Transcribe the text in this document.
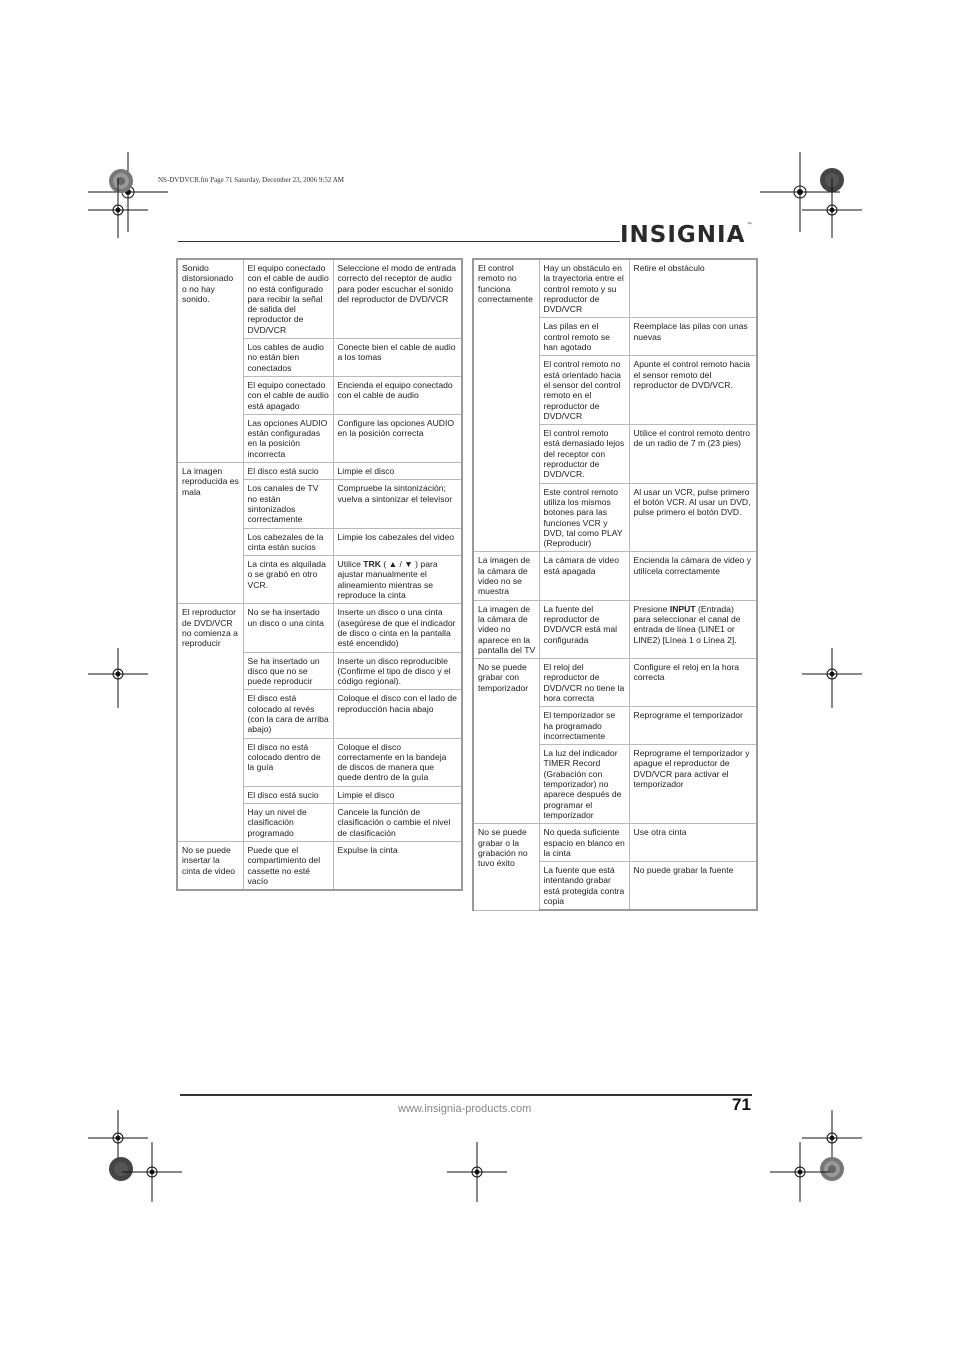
NS-DVDVCR.fm Page 71 Saturday, December 23, 2006 9:52 AM
INSIGNIA™
Sonido distorsionado o no hay sonido.	El equipo conectado con el cable de audio no está configurado para recibir la señal de salida del reproductor de DVD/VCR	Seleccione el modo de entrada correcto del receptor de audio para poder escuchar el sonido del reproductor de DVD/VCR
	Los cables de audio no están bien conectados	Conecte bien el cable de audio a los tomas
	El equipo conectado con el cable de audio está apagado	Encienda el equipo conectado con el cable de audio
	Las opciones AUDIO están configuradas en la posición incorrecta	Configure las opciones AUDIO en la posición correcta
La imagen reproducida es mala	El disco está sucio	Limpie el disco
	Los canales de TV no están sintonizados correctamente	Compruebe la sintonización; vuelva a sintonizar el televisor
	Los cabezales de la cinta están sucios	Limpie los cabezales del video
	La cinta es alquilada o se grabó en otro VCR.	Utilice TRK ( ▲ / ▼ ) para ajustar manualmente el alineamiento mientras se reproduce la cinta
El reproductor de DVD/VCR no comienza a reproducir	No se ha insertado un disco o una cinta	Inserte un disco o una cinta (asegúrese de que el indicador de disco o cinta en la pantalla esté encendido)
	Se ha insertado un disco que no se puede reproducir	Inserte un disco reproducible (Confirme el tipo de disco y el código regional).
	El disco está colocado al revés (con la cara de arriba abajo)	Coloque el disco con el lado de reproducción hacia abajo
	El disco no está colocado dentro de la guía	Coloque el disco correctamente en la bandeja de discos de manera que quede dentro de la guía
	El disco está sucio	Limpie el disco
	Hay un nivel de clasificación programado	Cancele la función de clasificación o cambie el nivel de clasificación
No se puede insertar la cinta de video	Puede que el compartimiento del cassette no esté vacío	Expulse la cinta
El control remoto no funciona correctamente	Hay un obstáculo en la trayectoria entre el control remoto y su reproductor de DVD/VCR	Retire el obstáculo
	Las pilas en el control remoto se han agotado	Reemplace las pilas con unas nuevas
	El control remoto no está orientado hacia el sensor del control remoto en el reproductor de DVD/VCR	Apunte el control remoto hacia el sensor remoto del reproductor de DVD/VCR.
	El control remoto está demasiado lejos del receptor con reproductor de DVD/VCR.	Utilice el control remoto dentro de un radio de 7 m (23 pies)
	Este control remoto utiliza los mismos botones para las funciones VCR y DVD, tal como PLAY (Reproducir)	Al usar un VCR, pulse primero el botón VCR. Al usar un DVD, pulse primero el botón DVD.
La imagen de la cámara de video no se muestra	La cámara de video está apagada	Encienda la cámara de video y utilícela correctamente
La imagen de la cámara de video no aparece en la pantalla del TV	La fuente del reproductor de DVD/VCR está mal configurada	Presione INPUT (Entrada) para seleccionar el canal de entrada de línea (LINE1 or LINE2) [Línea 1 o Línea 2].
No se puede grabar con temporizador	El reloj del reproductor de DVD/VCR no tiene la hora correcta	Configure el reloj en la hora correcta
	El temporizador se ha programado incorrectamente	Reprograme el temporizador
	La luz del indicador TIMER Record (Grabación con temporizador) no aparece después de programar el temporizador	Reprograme el temporizador y apague el reproductor de DVD/VCR para activar el temporizador
No se puede grabar o la grabación no tuvo éxito	No queda suficiente espacio en blanco en la cinta	Use otra cinta
	La fuente que está intentando grabar está protegida contra copia	No puede grabar la fuente
www.insignia-products.com	71
